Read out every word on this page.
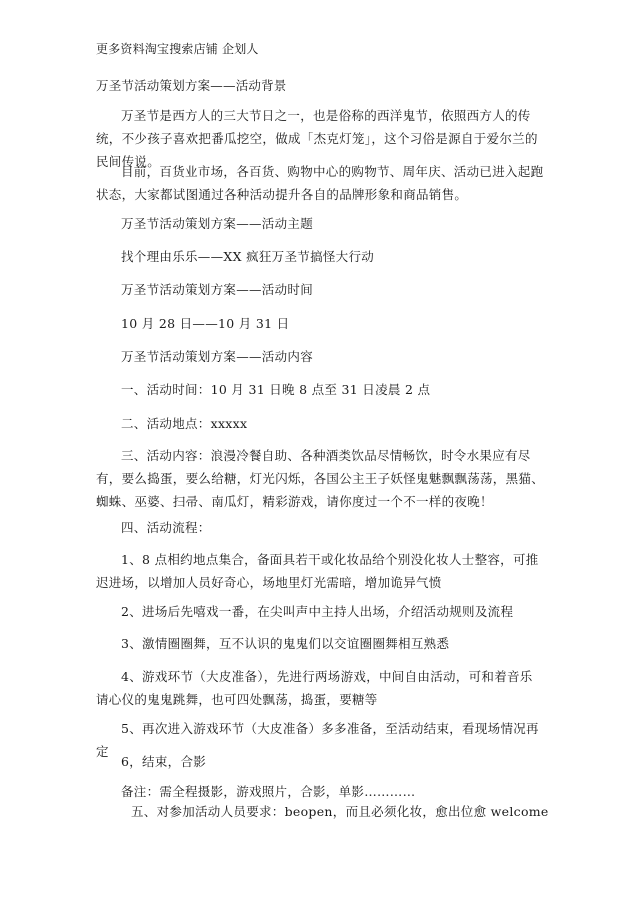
更多资料淘宝搜索店铺 企划人
万圣节活动策划方案——活动背景
万圣节是西方人的三大节日之一，也是俗称的西洋鬼节，依照西方人的传统，不少孩子喜欢把番瓜挖空，做成「杰克灯笼」，这个习俗是源自于爱尔兰的民间传说。
目前，百货业市场，各百货、购物中心的购物节、周年庆、活动已进入起跑状态，大家都试图通过各种活动提升各自的品牌形象和商品销售。
万圣节活动策划方案——活动主题
找个理由乐乐——XX 疯狂万圣节搞怪大行动
万圣节活动策划方案——活动时间
10 月 28 日——10 月 31 日
万圣节活动策划方案——活动内容
一、活动时间：10 月 31 日晚 8 点至 31 日凌晨 2 点
二、活动地点：xxxxx
三、活动内容：浪漫冷餐自助、各种酒类饮品尽情畅饮，时令水果应有尽有，要么捣蛋，要么给糖，灯光闪烁，各国公主王子妖怪鬼魅飘飘荡荡，黑猫、蜘蛛、巫婆、扫帚、南瓜灯，精彩游戏，请你度过一个不一样的夜晚！
四、活动流程：
1、8 点相约地点集合，备面具若干或化妆品给个别没化妆人士整容，可推迟进场，以增加人员好奇心，场地里灯光需暗，增加诡异气愤
2、进场后先嘻戏一番，在尖叫声中主持人出场，介绍活动规则及流程
3、激情圈圈舞，互不认识的鬼鬼们以交谊圈圈舞相互熟悉
4、游戏环节（大皮准备），先进行两场游戏，中间自由活动，可和着音乐请心仪的鬼鬼跳舞，也可四处飘荡，捣蛋，要糖等
5、再次进入游戏环节（大皮准备）多多准备，至活动结束，看现场情况再定
6，结束，合影
备注：需全程摄影，游戏照片，合影，单影…………
五、对参加活动人员要求：beopen，而且必须化妆，愈出位愈 welcome
